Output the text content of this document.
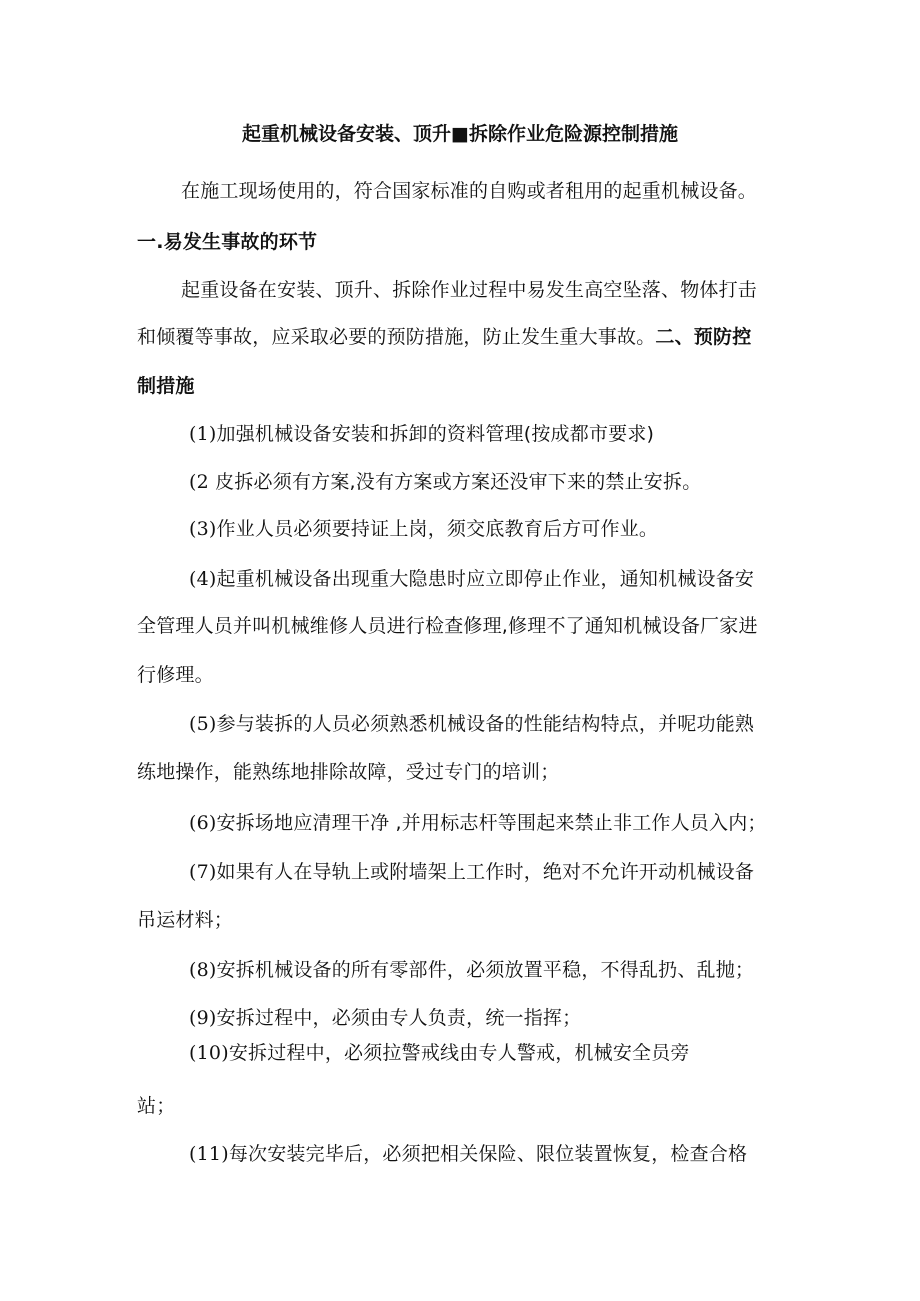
起重机械设备安装、顶升■拆除作业危险源控制措施
在施工现场使用的，符合国家标准的自购或者租用的起重机械设备。
一.易发生事故的环节
起重设备在安装、顶升、拆除作业过程中易发生高空坠落、物体打击
和倾覆等事故，应采取必要的预防措施，防止发生重大事故。二、预防控
制措施
(1)加强机械设备安装和拆卸的资料管理(按成都市要求)
(2 皮拆必须有方案,没有方案或方案还没审下来的禁止安拆。
(3)作业人员必须要持证上岗，须交底教育后方可作业。
(4)起重机械设备出现重大隐患时应立即停止作业，通知机械设备安
全管理人员并叫机械维修人员进行检查修理,修理不了通知机械设备厂家进
行修理。
(5)参与装拆的人员必须熟悉机械设备的性能结构特点，并呢功能熟
练地操作，能熟练地排除故障，受过专门的培训；
(6)安拆场地应清理干净 ,并用标志杆等围起来禁止非工作人员入内；
(7)如果有人在导轨上或附墙架上工作时，绝对不允许开动机械设备
吊运材料；
(8)安拆机械设备的所有零部件，必须放置平稳，不得乱扔、乱抛；
(9)安拆过程中，必须由专人负责，统一指挥；
(10)安拆过程中，必须拉警戒线由专人警戒，机械安全员旁
站；
(11)每次安装完毕后，必须把相关保险、限位装置恢复，检查合格
